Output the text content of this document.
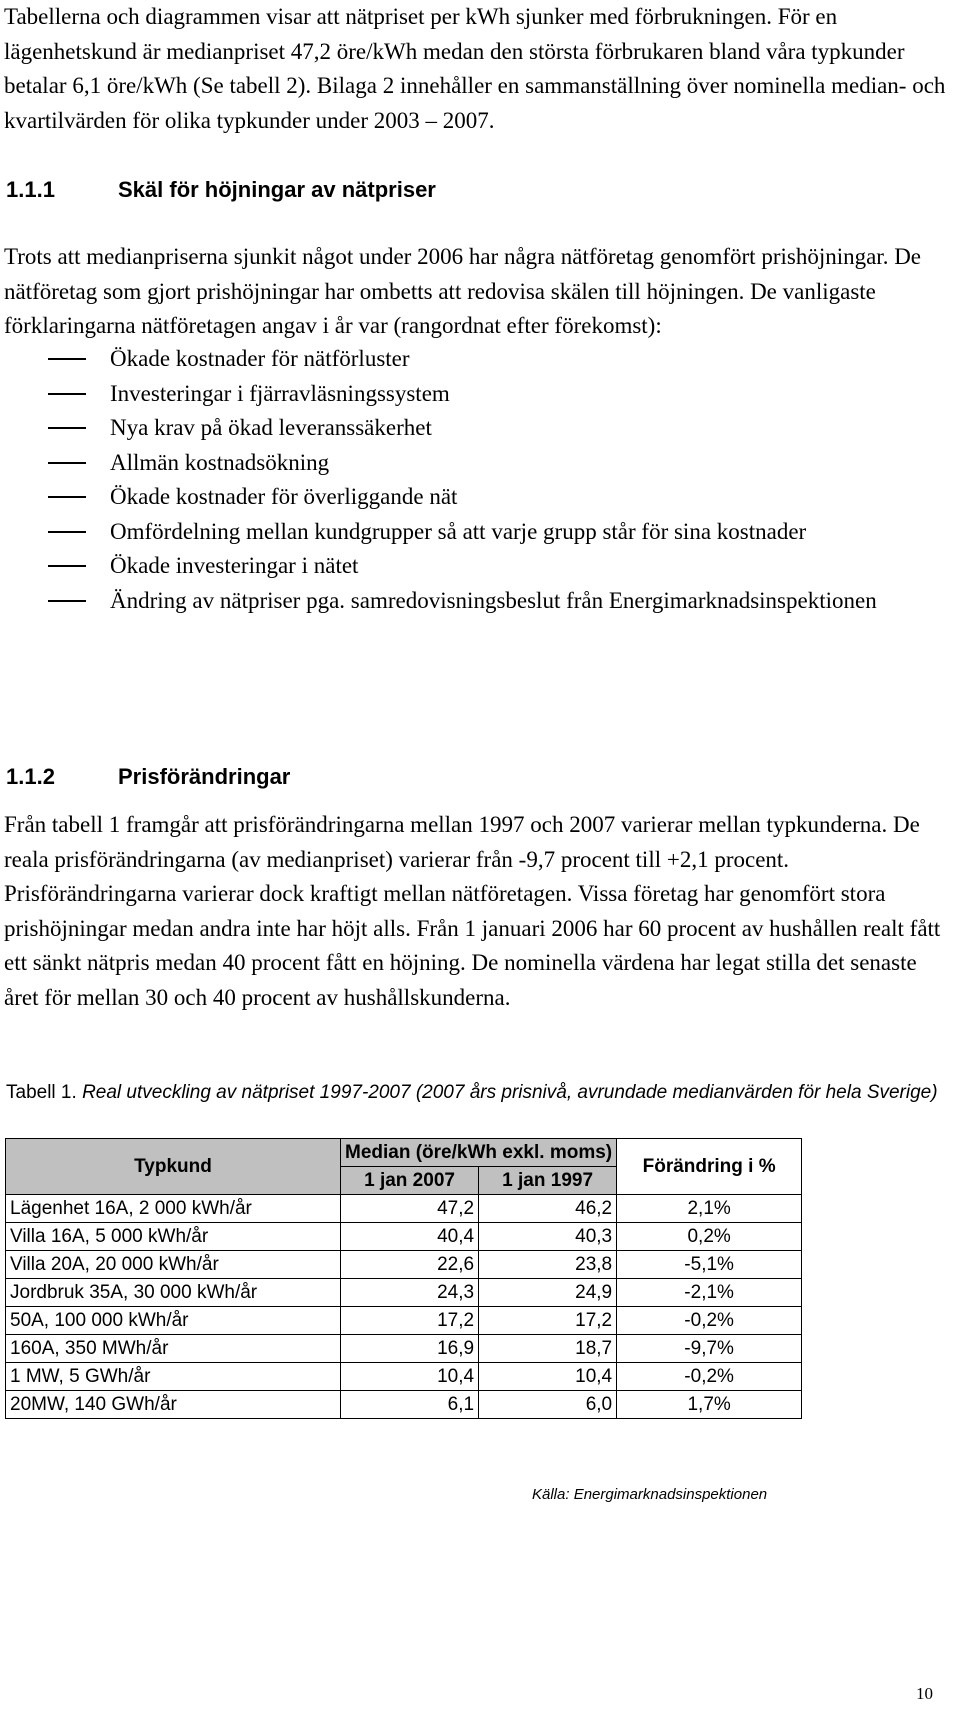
Tabellerna och diagrammen visar att nätpriset per kWh sjunker med förbrukningen. För en lägenhetskund är medianpriset 47,2 öre/kWh medan den största förbrukaren bland våra typkunder betalar 6,1 öre/kWh (Se tabell 2). Bilaga 2 innehåller en sammanställning över nominella median- och kvartilvärden för olika typkunder under 2003 – 2007.

1.1.1	Skäl för höjningar av nätpriser

Trots att medianpriserna sjunkit något under 2006 har några nätföretag genomfört prishöjningar. De nätföretag som gjort prishöjningar har ombetts att redovisa skälen till höjningen. De vanligaste förklaringarna nätföretagen angav i år var (rangordnat efter förekomst):

Ökade kostnader för nätförluster
Investeringar i fjärravläsningssystem
Nya krav på ökad leveranssäkerhet
Allmän kostnadsökning
Ökade kostnader för överliggande nät
Omfördelning mellan kundgrupper så att varje grupp står för sina kostnader
Ökade investeringar i nätet
Ändring av nätpriser pga. samredovisningsbeslut från Energimarknadsinspektionen
1.1.2	Prisförändringar

Från tabell 1 framgår att prisförändringarna mellan 1997 och 2007 varierar mellan typkunderna. De reala prisförändringarna (av medianpriset) varierar från -9,7 procent till +2,1 procent. Prisförändringarna varierar dock kraftigt mellan nätföretagen. Vissa företag har genomfört stora prishöjningar medan andra inte har höjt alls. Från 1 januari 2006 har 60 procent av hushållen realt fått ett sänkt nätpris medan 40 procent fått en höjning. De nominella värdena har legat stilla det senaste året för mellan 30 och 40 procent av hushållskunderna.

Tabell 1. Real utveckling av nätpriset 1997-2007 (2007 års prisnivå, avrundade medianvärden för hela Sverige)

Typkund	Median (öre/kWh exkl. moms)		Förändring i %
	1 jan 2007	1 jan 1997	
Lägenhet 16A, 2 000 kWh/år	47,2	46,2	2,1%
Villa 16A, 5 000 kWh/år	40,4	40,3	0,2%
Villa 20A, 20 000 kWh/år	22,6	23,8	-5,1%
Jordbruk 35A, 30 000 kWh/år	24,3	24,9	-2,1%
50A, 100 000 kWh/år	17,2	17,2	-0,2%
160A, 350 MWh/år	16,9	18,7	-9,7%
1 MW, 5 GWh/år	10,4	10,4	-0,2%
20MW, 140 GWh/år	6,1	6,0	1,7%

Källa: Energimarknadsinspektionen

10
